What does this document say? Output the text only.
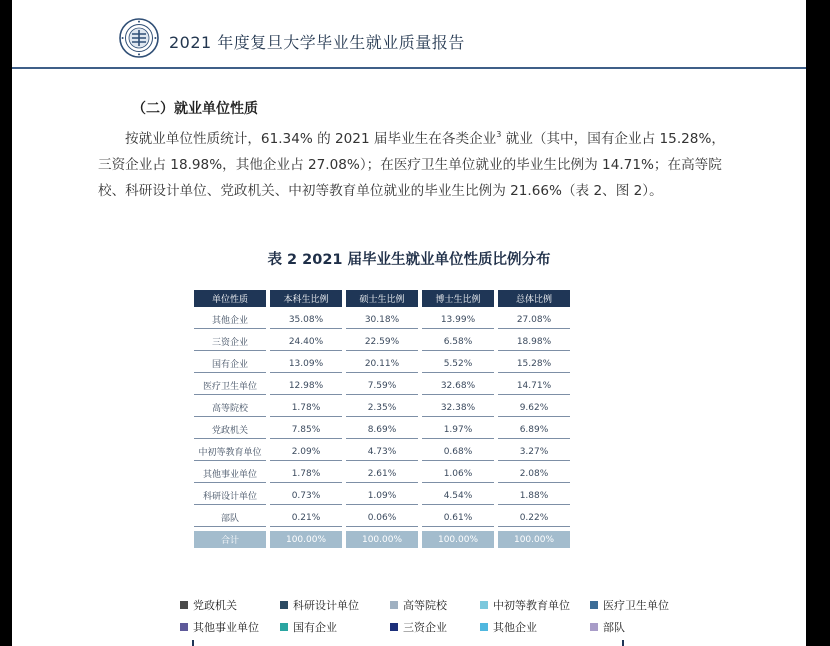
2021 年度复旦大学毕业生就业质量报告
（二）就业单位性质

按就业单位性质统计，61.34% 的 2021 届毕业生在各类企业$^3$ 就业（其中，国有企业占 15.28%，三资企业占 18.98%，其他企业占 27.08%）；在医疗卫生单位就业的毕业生比例为 14.71%；在高等院校、科研设计单位、党政机关、中初等教育单位就业的毕业生比例为 21.66%（表 2、图 2）。

表 2 2021 届毕业生就业单位性质比例分布
单位性质	本科生比例	硕士生比例	博士生比例	总体比例
其他企业	35.08%	30.18%	13.99%	27.08%
三资企业	24.40%	22.59%	6.58%	18.98%
国有企业	13.09%	20.11%	5.52%	15.28%
医疗卫生单位	12.98%	7.59%	32.68%	14.71%
高等院校	1.78%	2.35%	32.38%	9.62%
党政机关	7.85%	8.69%	1.97%	6.89%
中初等教育单位	2.09%	4.73%	0.68%	3.27%
其他事业单位	1.78%	2.61%	1.06%	2.08%
科研设计单位	0.73%	1.09%	4.54%	1.88%
部队	0.21%	0.06%	0.61%	0.22%
合计	100.00%	100.00%	100.00%	100.00%
党政机关	科研设计单位	高等院校	中初等教育单位	医疗卫生单位
其他事业单位	国有企业	三资企业	其他企业	部队
